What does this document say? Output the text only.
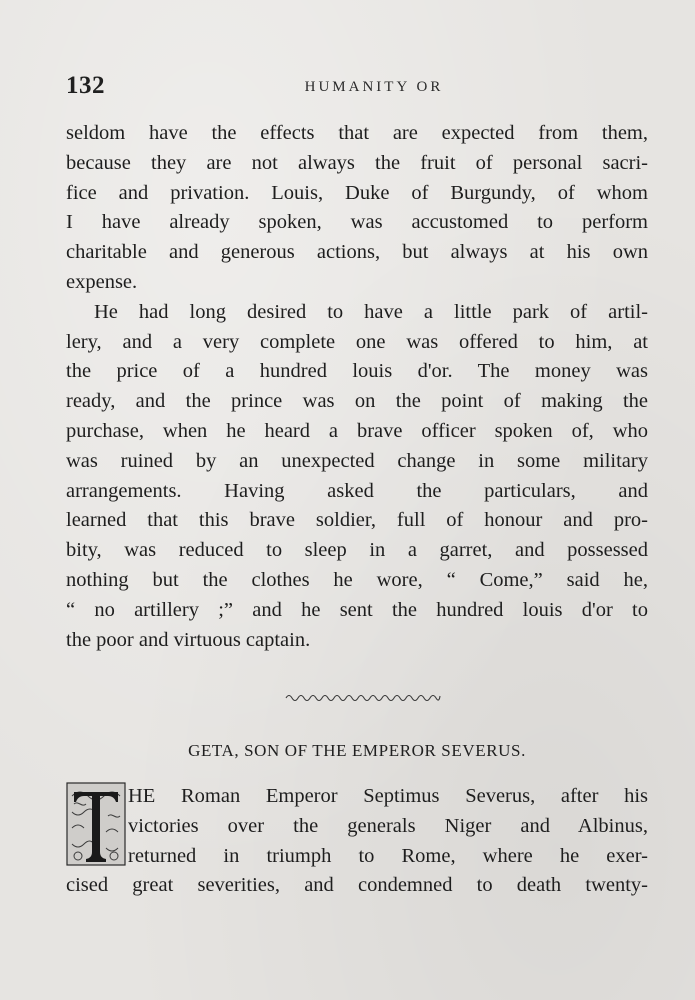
132	HUMANITY OR
seldom have the effects that are expected from them,
because they are not always the fruit of personal sacri-
fice and privation. Louis, Duke of Burgundy, of whom
I have already spoken, was accustomed to perform
charitable and generous actions, but always at his own
expense.
He had long desired to have a little park of artil-
lery, and a very complete one was offered to him, at
the price of a hundred louis d'or. The money was
ready, and the prince was on the point of making the
purchase, when he heard a brave officer spoken of, who
was ruined by an unexpected change in some military
arrangements. Having asked the particulars, and
learned that this brave soldier, full of honour and pro-
bity, was reduced to sleep in a garret, and possessed
nothing but the clothes he wore, “ Come,” said he,
“ no artillery ;” and he sent the hundred louis d'or to
the poor and virtuous captain.
GETA, SON OF THE EMPEROR SEVERUS.
HE Roman Emperor Septimus Severus, after his
victories over the generals Niger and Albinus,
returned in triumph to Rome, where he exer-
cised great severities, and condemned to death twenty-
